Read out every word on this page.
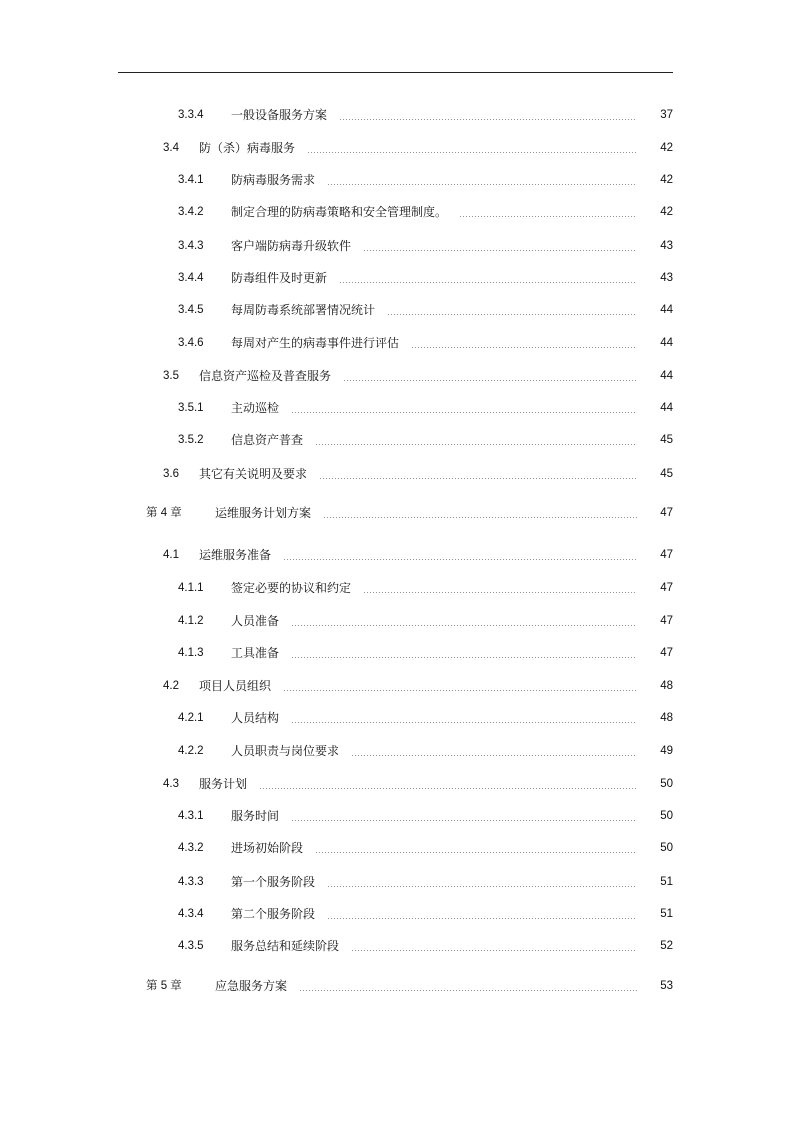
3.3.4	一般设备服务方案	37
3.4	防（杀）病毒服务	42
3.4.1	防病毒服务需求	42
3.4.2	制定合理的防病毒策略和安全管理制度。	42
3.4.3	客户端防病毒升级软件	43
3.4.4	防毒组件及时更新	43
3.4.5	每周防毒系统部署情况统计	44
3.4.6	每周对产生的病毒事件进行评估	44
3.5	信息资产巡检及普查服务	44
3.5.1	主动巡检	44
3.5.2	信息资产普查	45
3.6	其它有关说明及要求	45
第 4 章	运维服务计划方案	47
4.1	运维服务准备	47
4.1.1	签定必要的协议和约定	47
4.1.2	人员准备	47
4.1.3	工具准备	47
4.2	项目人员组织	48
4.2.1	人员结构	48
4.2.2	人员职责与岗位要求	49
4.3	服务计划	50
4.3.1	服务时间	50
4.3.2	进场初始阶段	50
4.3.3	第一个服务阶段	51
4.3.4	第二个服务阶段	51
4.3.5	服务总结和延续阶段	52
第 5 章	应急服务方案	53
